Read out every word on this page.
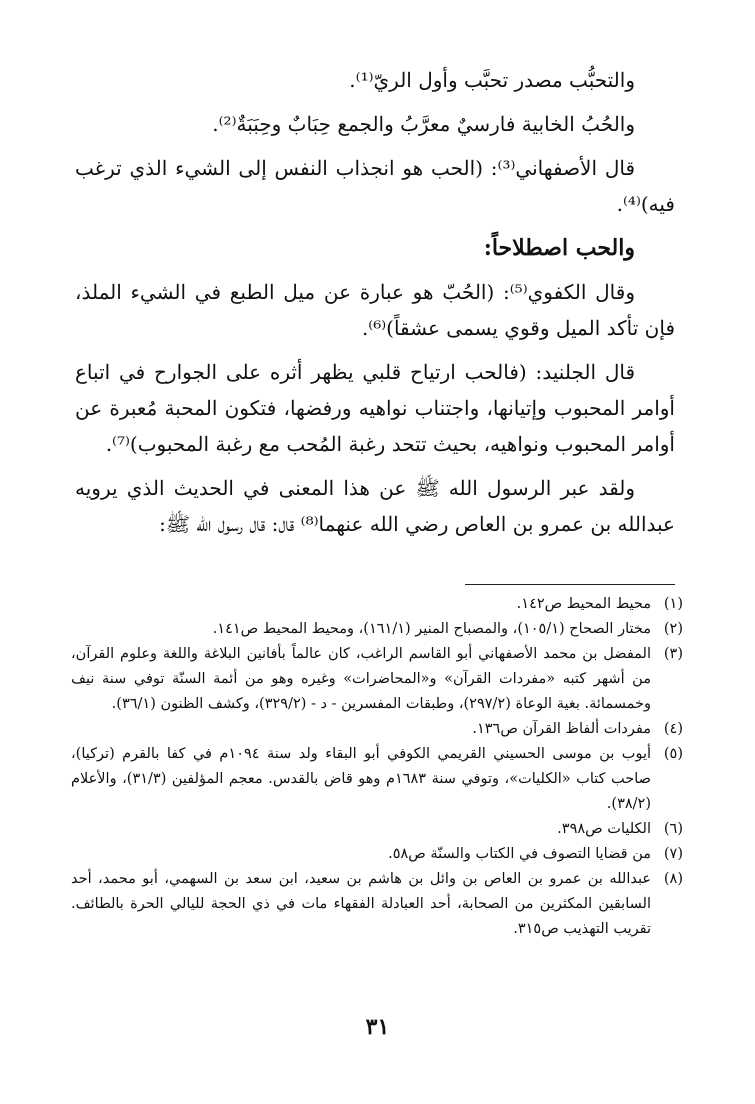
والتحبُّب مصدر تحبَّب وأول الريّ⁽¹⁾.

والحُبُ الخابية فارسيٌ معرَّبُ والجمع حِبَابٌ وحِبَبَةٌ⁽²⁾.

قال الأصفهاني⁽³⁾: (الحب هو انجذاب النفس إلى الشيء الذي ترغب فيه)⁽⁴⁾.

والحب اصطلاحاً:

وقال الكفوي⁽⁵⁾: (الحُبّ هو عبارة عن ميل الطبع في الشيء الملذ، فإن تأكد الميل وقوي يسمى عشقاً)⁽⁶⁾.

قال الجلنيد: (فالحب ارتياح قلبي يظهر أثره على الجوارح في اتباع أوامر المحبوب وإتيانها، واجتناب نواهيه ورفضها، فتكون المحبة مُعبرة عن أوامر المحبوب ونواهيه، بحيث تتحد رغبة المُحب مع رغبة المحبوب)⁽⁷⁾.

ولقد عبر الرسول الله ﷺ عن هذا المعنى في الحديث الذي يرويه عبدالله بن عمرو بن العاص رضي الله عنهما⁽⁸⁾ قال: قال رسول الله ﷺ:

(١)
محيط المحيط ص١٤٢.
(٢)
مختار الصحاح (١٠٥/١)، والمصباح المنير (١٦١/١)، ومحيط المحيط ص١٤١.
(٣)
المفضل بن محمد الأصفهاني أبو القاسم الراغب، كان عالماً بأفانين البلاغة واللغة وعلوم القرآن، من أشهر كتبه «مفردات القرآن» و«المحاضرات» وغيره وهو من أئمة السنّة توفي سنة نيف وخمسمائة. بغية الوعاة (٢٩٧/٢)، وطبقات المفسرين - د - (٣٢٩/٢)، وكشف الظنون (٣٦/١).
(٤)
مفردات ألفاظ القرآن ص١٣٦.
(٥)
أيوب بن موسى الحسيني القريمي الكوفي أبو البقاء ولد سنة ١٠٩٤م في كفا بالقرم (تركيا)، صاحب كتاب «الكليات»، وتوفي سنة ١٦٨٣م وهو قاض بالقدس. معجم المؤلفين (٣١/٣)، والأعلام (٣٨/٢).
(٦)
الكليات ص٣٩٨.
(٧)
من قضايا التصوف في الكتاب والسنّة ص٥٨.
(٨)
عبدالله بن عمرو بن العاص بن وائل بن هاشم بن سعيد، ابن سعد بن السهمي، أبو محمد، أحد السابقين المكثرين من الصحابة، أحد العبادلة الفقهاء مات في ذي الحجة لليالي الحرة بالطائف. تقريب التهذيب ص٣١٥.
٣١
